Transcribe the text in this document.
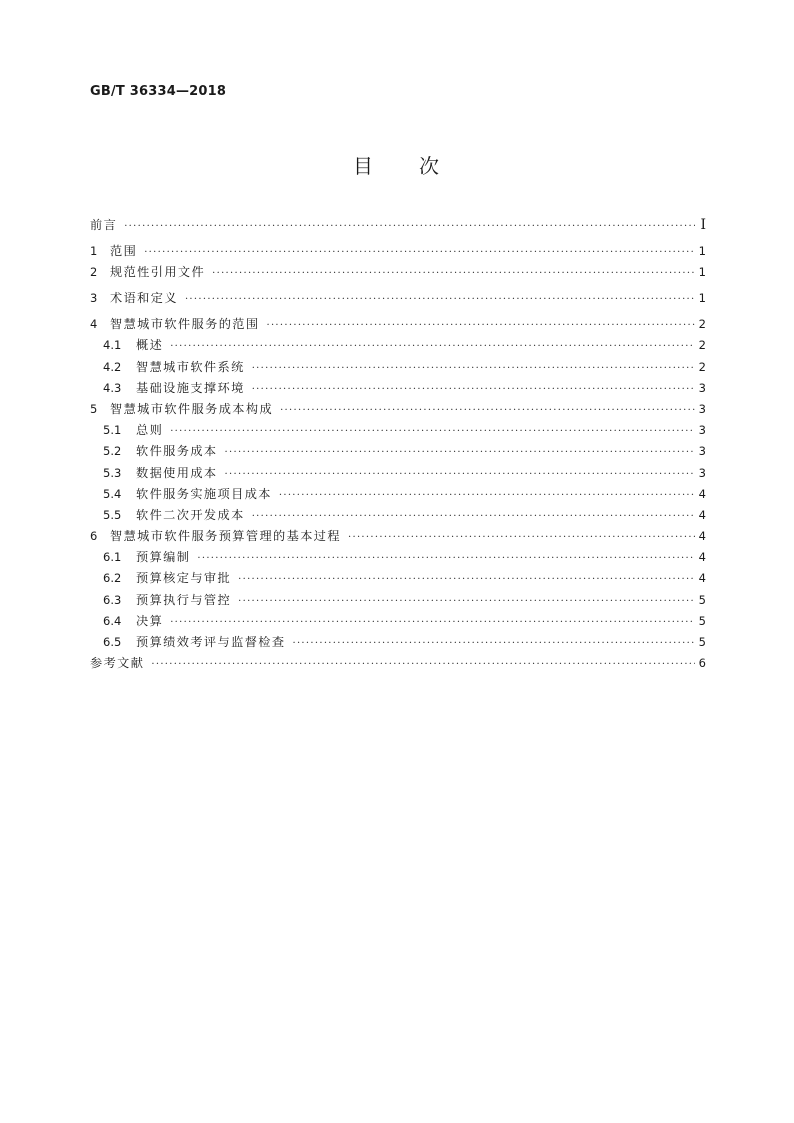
GB/T 36334—2018
目 次
前言 ·····	I
1	范围 ·····	1
2	规范性引用文件 ·····	1
3	术语和定义 ·····	1
4	智慧城市软件服务的范围 ·····	2
4.1	概述 ·····	2
4.2	智慧城市软件系统 ·····	2
4.3	基础设施支撑环境 ·····	3
5	智慧城市软件服务成本构成 ·····	3
5.1	总则 ·····	3
5.2	软件服务成本 ·····	3
5.3	数据使用成本 ·····	3
5.4	软件服务实施项目成本 ·····	4
5.5	软件二次开发成本 ·····	4
6	智慧城市软件服务预算管理的基本过程 ·····	4
6.1	预算编制 ·····	4
6.2	预算核定与审批 ·····	4
6.3	预算执行与管控 ·····	5
6.4	决算 ·····	5
6.5	预算绩效考评与监督检查 ·····	5
参考文献 ·····	6
